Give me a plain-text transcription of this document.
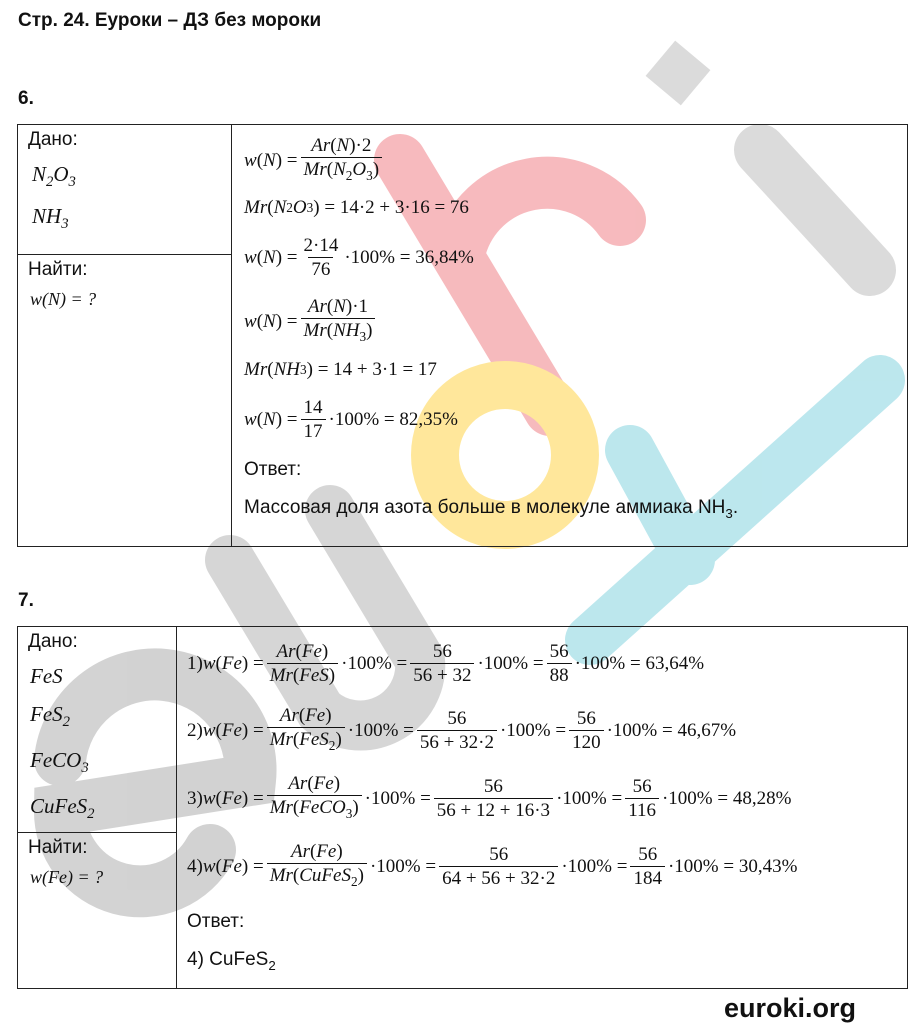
Стр. 24. Еуроки – ДЗ без мороки
6.
Дано:
$N_2O_3$
$NH_3$

w ( N ) = $\frac{Ar(N)\cdot 2}{Mr(N_2O_3)}$
Mr ( N 2 O 3 ) = 14·2 + 3·16 = 76
w ( N ) = $\frac{2\cdot 14}{76} \cdot 100\% = 36,84\%$
w ( N ) = $\frac{Ar(N)\cdot 1}{Mr(NH_3)}$
Mr ( NH 3 ) = 14 + 3·1 = 17
w ( N ) = $\frac{14}{17} \cdot 100\% = 82,35\%$
Ответ:
Массовая доля азота больше в молекуле аммиака $NH_3$.

Найти:
w(N) = ?
7.
Дано:
FeS
FeS$_2$
FeCO$_3$
CuFeS$_2$

1) w ( Fe ) = $\frac{Ar(Fe)}{\text{Mr(FeS)}} \cdot 100\% = \frac{56}{56 + 32} \cdot 100\% = \frac{56}{88} \cdot 100\% = 63,64\%$
2) w ( Fe ) = $\frac{Ar(Fe)}{Mr(FeS_2)} \cdot 100\% = \frac{56}{56 + 32\cdot 2} \cdot 100\% = \frac{56}{120} \cdot 100\% = 46,67\%$
3) w ( Fe ) = $\frac{Ar(Fe)}{Mr(FeCO_3)} \cdot 100\% = \frac{56}{56 + 12 + 16\cdot 3} \cdot 100\% = \frac{56}{116} \cdot 100\% = 48,28\%$
4) w ( Fe ) = $\frac{Ar(Fe)}{Mr(CuFeS_2)} \cdot 100\% = \frac{56}{64 + 56 + 32\cdot 2} \cdot 100\% = \frac{56}{184} \cdot 100\% = 30,43\%$
Ответ:
4) CuFeS$_2$

Найти:
w(Fe) = ?
euroki.org
